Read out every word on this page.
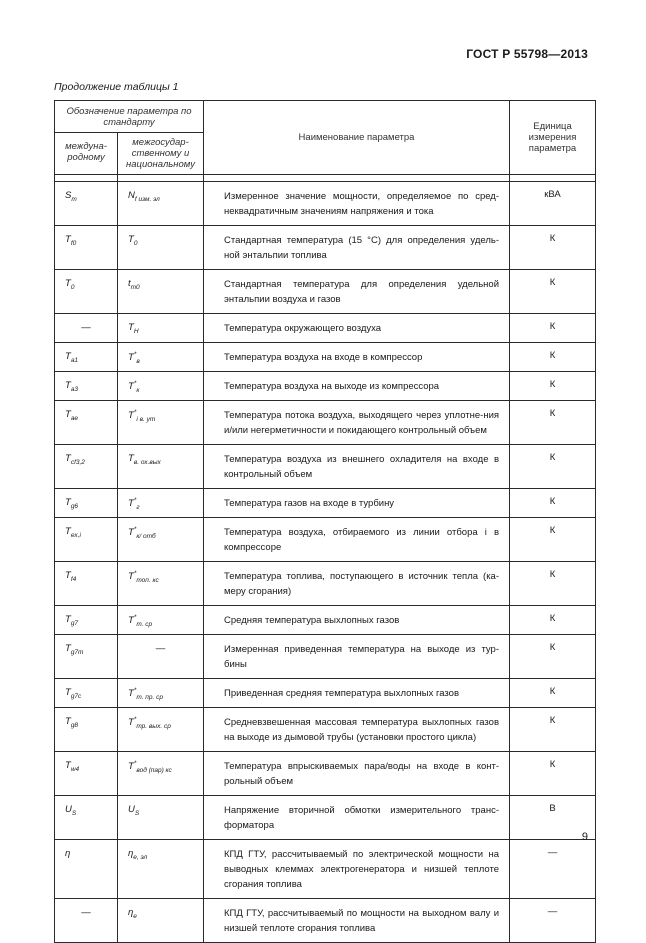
ГОСТ Р 55798—2013
Продолжение таблицы 1
Обозначение параметра по стандарту		Наименование параметра	Единица измерения параметра
междуна-родному	межгосудар-ственному и национальному		

$S_m$	$N_{f изм. эл}$	Измеренное значение мощности, определяемое по сред-неквадратичным значениям напряжения и тока	кВА
$T_{f0}$	$T_0$	Стандартная температура (15 °С) для определения удель-ной энтальпии топлива	К
$T_0$	$t_{m0}$	Стандартная температура для определения удельной энтальпии воздуха и газов	К
—	$T_H$	Температура окружающего воздуха	К
$T_{a1}$	$T^*_в$	Температура воздуха на входе в компрессор	К
$T_{a3}$	$T^*_к$	Температура воздуха на выходе из компрессора	К
$T_{ae}$	$T^*_{i в. ут}$	Температура потока воздуха, выходящего через уплотне-ния и/или негерметичности и покидающего контрольный объем	К
$T_{cf3,2}$	$T_{в. ох.вых}$	Температура воздуха из внешнего охладителя на входе в контрольный объем	К
$T_{g6}$	$T^*_г$	Температура газов на входе в турбину	К
$T_{ex,i}$	$T^*_{к/ отб}$	Температура воздуха, отбираемого из линии отбора i в компрессоре	К
$T_{f4}$	$T^*_{топ. кс}$	Температура топлива, поступающего в источник тепла (ка-меру сгорания)	К
$T_{g7}$	$T^*_{т. ср}$	Средняя температура выхлопных газов	К
$T_{g7m}$	—	Измеренная приведенная температура на выходе из тур-бины	К
$T_{g7c}$	$T^*_{т. пр. ср}$	Приведенная средняя температура выхлопных газов	К
$T_{g8}$	$T^*_{тр. вых. ср}$	Средневзвешенная массовая температура выхлопных газов на выходе из дымовой трубы (установки простого цикла)	К
$T_{w4}$	$T^*_{вод (пар) кс}$	Температура впрыскиваемых пара/воды на входе в конт-рольный объем	К
$U_S$	$U_S$	Напряжение вторичной обмотки измерительного транс-форматора	В
η	$\eta_{e, эл}$	КПД ГТУ, рассчитываемый по электрической мощности на выводных клеммах электрогенератора и низшей теплоте сгорания топлива	—
—	$\eta_e$	КПД ГТУ, рассчитываемый по мощности на выходном валу и низшей теплоте сгорания топлива	—
9
